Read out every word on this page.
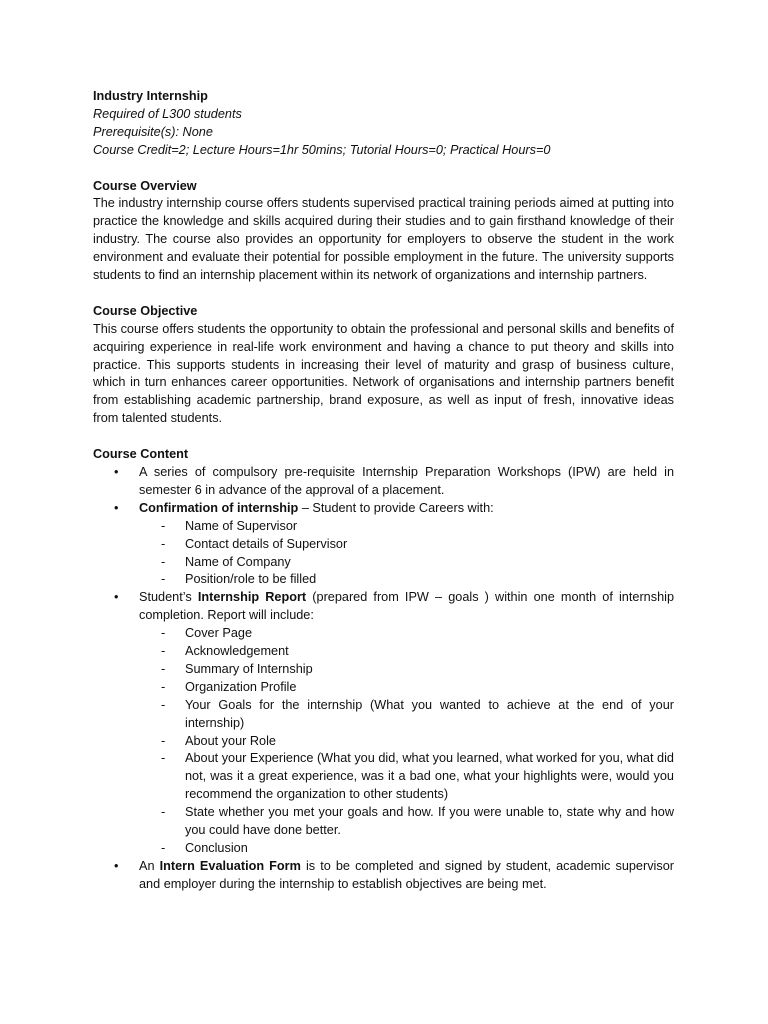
Industry Internship

Required of L300 students

Prerequisite(s): None

Course Credit=2; Lecture Hours=1hr 50mins; Tutorial Hours=0; Practical Hours=0

Course Overview

The industry internship course offers students supervised practical training periods aimed at putting into practice the knowledge and skills acquired during their studies and to gain firsthand knowledge of their industry. The course also provides an opportunity for employers to observe the student in the work environment and evaluate their potential for possible employment in the future. The university supports students to find an internship placement within its network of organizations and internship partners.

Course Objective

This course offers students the opportunity to obtain the professional and personal skills and benefits of acquiring experience in real-life work environment and having a chance to put theory and skills into practice. This supports students in increasing their level of maturity and grasp of business culture, which in turn enhances career opportunities. Network of organisations and internship partners benefit from establishing academic partnership, brand exposure, as well as input of fresh, innovative ideas from talented students.

Course Content

• A series of compulsory pre-requisite Internship Preparation Workshops (IPW) are held in semester 6 in advance of the approval of a placement.
• Confirmation of internship – Student to provide Careers with:
- Name of Supervisor
- Contact details of Supervisor
- Name of Company
- Position/role to be filled
• Student’s Internship Report (prepared from IPW – goals ) within one month of internship completion. Report will include:
- Cover Page
- Acknowledgement
- Summary of Internship
- Organization Profile
- Your Goals for the internship (What you wanted to achieve at the end of your internship)
- About your Role
- About your Experience (What you did, what you learned, what worked for you, what did not, was it a great experience, was it a bad one, what your highlights were, would you recommend the organization to other students)
- State whether you met your goals and how. If you were unable to, state why and how you could have done better.
- Conclusion
• An Intern Evaluation Form is to be completed and signed by student, academic supervisor and employer during the internship to establish objectives are being met.
